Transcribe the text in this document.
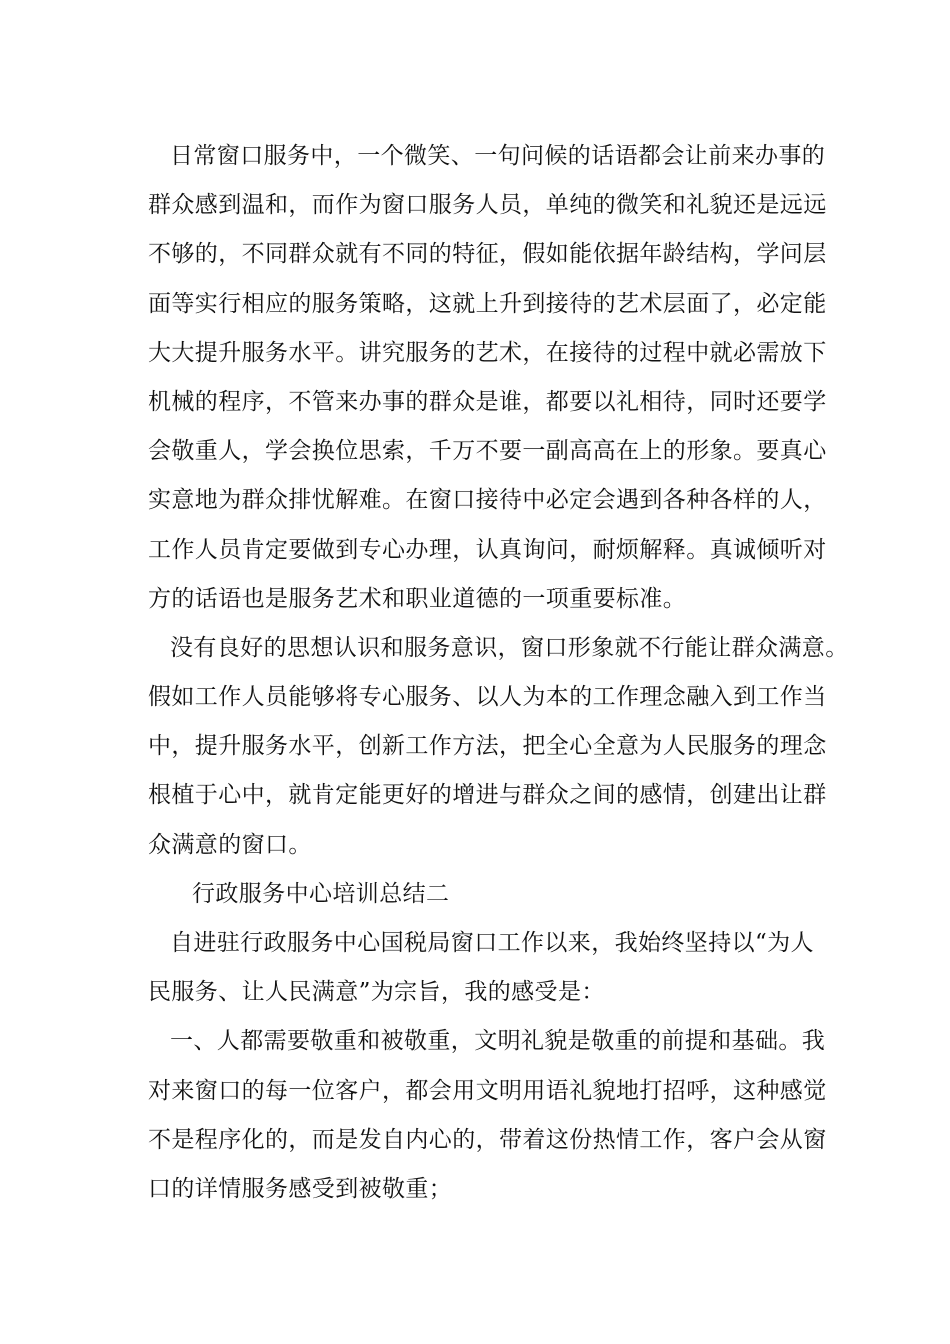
日常窗口服务中，一个微笑、一句问候的话语都会让前来办事的
群众感到温和，而作为窗口服务人员，单纯的微笑和礼貌还是远远
不够的，不同群众就有不同的特征，假如能依据年龄结构，学问层
面等实行相应的服务策略，这就上升到接待的艺术层面了，必定能
大大提升服务水平。讲究服务的艺术，在接待的过程中就必需放下
机械的程序，不管来办事的群众是谁，都要以礼相待，同时还要学
会敬重人，学会换位思索，千万不要一副高高在上的形象。要真心
实意地为群众排忧解难。在窗口接待中必定会遇到各种各样的人，
工作人员肯定要做到专心办理，认真询问，耐烦解释。真诚倾听对
方的话语也是服务艺术和职业道德的一项重要标准。
没有良好的思想认识和服务意识，窗口形象就不行能让群众满意。
假如工作人员能够将专心服务、以人为本的工作理念融入到工作当
中，提升服务水平，创新工作方法，把全心全意为人民服务的理念
根植于心中，就肯定能更好的增进与群众之间的感情，创建出让群
众满意的窗口。
行政服务中心培训总结二
自进驻行政服务中心国税局窗口工作以来，我始终坚持以“为人
民服务、让人民满意”为宗旨，我的感受是：
一、人都需要敬重和被敬重，文明礼貌是敬重的前提和基础。我
对来窗口的每一位客户，都会用文明用语礼貌地打招呼，这种感觉
不是程序化的，而是发自内心的，带着这份热情工作，客户会从窗
口的详情服务感受到被敬重；
